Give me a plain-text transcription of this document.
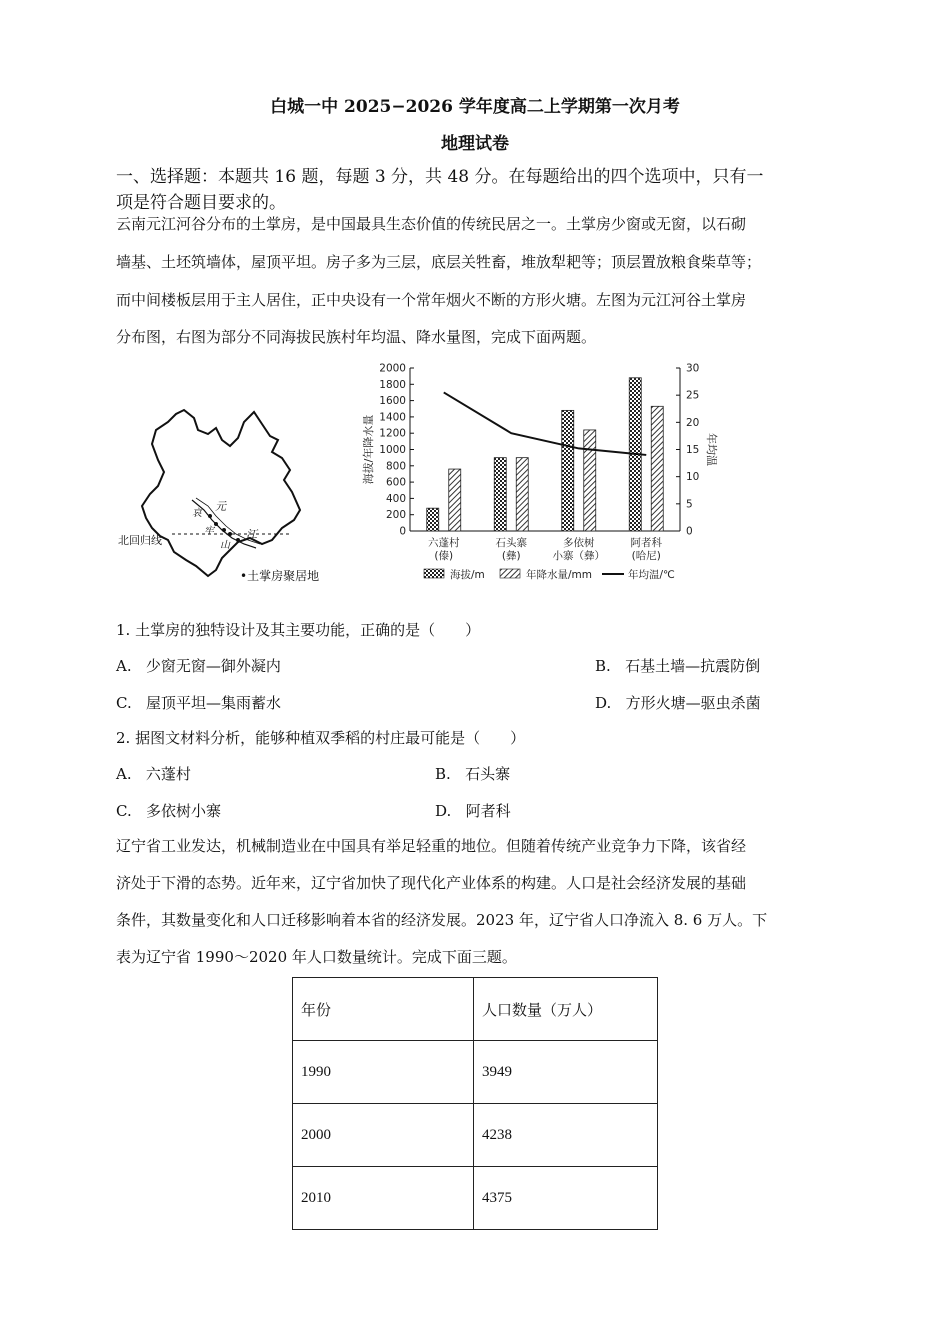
白城一中 2025−2026 学年度高二上学期第一次月考
地理试卷
一、选择题：本题共 16 题，每题 3 分，共 48 分。在每题给出的四个选项中，只有一
项是符合题目要求的。
云南元江河谷分布的土掌房，是中国最具生态价值的传统民居之一。土掌房少窗或无窗，以石砌
墙基、土坯筑墙体，屋顶平坦。房子多为三层，底层关牲畜，堆放犁耙等；顶层置放粮食柴草等；
而中间楼板层用于主人居住，正中央设有一个常年烟火不断的方形火塘。左图为元江河谷土掌房
分布图，右图为部分不同海拔民族村年均温、降水量图，完成下面两题。
北回归线
元
江
哀
牢
山
•土掌房聚居地
0
200
400
600
800
1000
1200
1400
1600
1800
2000
0
5
10
15
20
25
30
海拔/年降水量	年均温
六蓬村
(傣)
石头寨
(彝)
多依树
小寨（彝）
阿者科
(哈尼)
海拔/m	年降水量/mm	年均温/℃
1. 土掌房的独特设计及其主要功能，正确的是（　　）
A. 少窗无窗—御外凝内	B. 石基土墙—抗震防倒
C. 屋顶平坦—集雨蓄水	D. 方形火塘—驱虫杀菌
2. 据图文材料分析，能够种植双季稻的村庄最可能是（　　）
A. 六蓬村	B. 石头寨
C. 多依树小寨	D. 阿者科
辽宁省工业发达，机械制造业在中国具有举足轻重的地位。但随着传统产业竞争力下降，该省经
济处于下滑的态势。近年来，辽宁省加快了现代化产业体系的构建。人口是社会经济发展的基础
条件，其数量变化和人口迁移影响着本省的经济发展。2023 年，辽宁省人口净流入 8. 6 万人。下
表为辽宁省 1990～2020 年人口数量统计。完成下面三题。
年份	人口数量（万人）
1990	3949
2000	4238
2010	4375
